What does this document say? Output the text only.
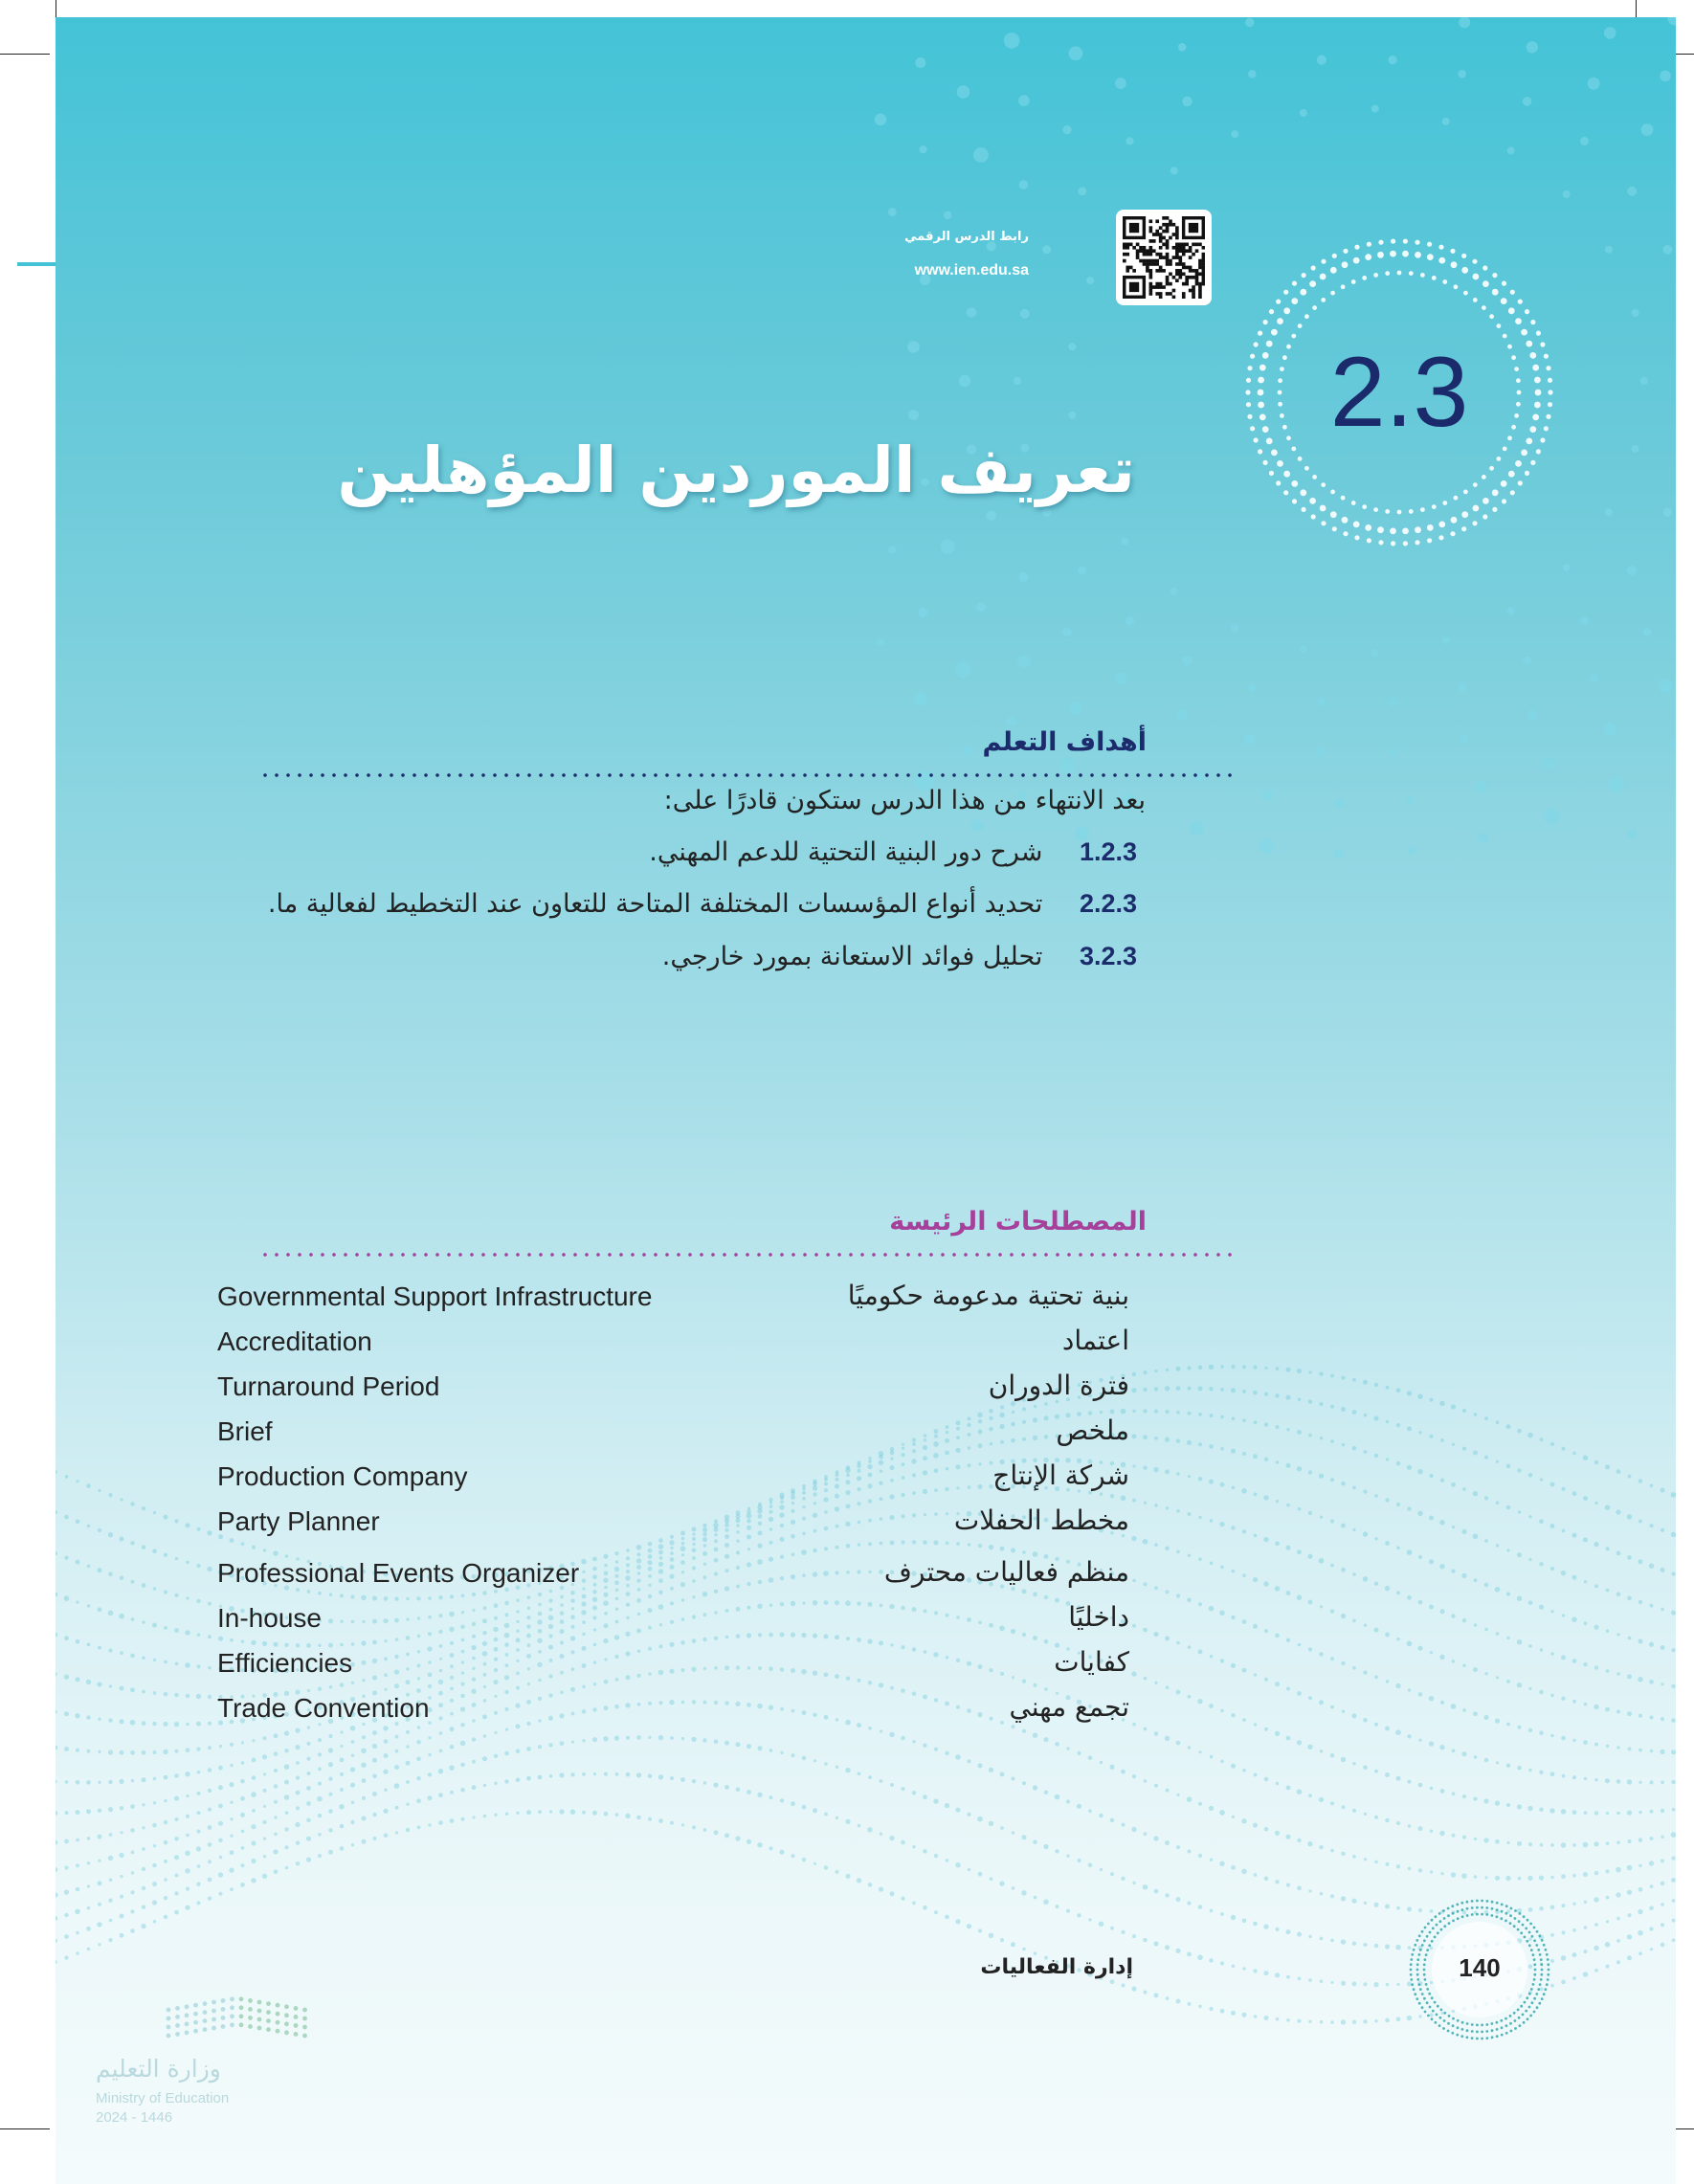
رابط الدرس الرقمي
www.ien.edu.sa
2.3
تعريف الموردين المؤهلين
أهداف التعلم
بعد الانتهاء من هذا الدرس ستكون قادرًا على:
1.2.3 شرح دور البنية التحتية للدعم المهني.
2.2.3 تحديد أنواع المؤسسات المختلفة المتاحة للتعاون عند التخطيط لفعالية ما.
3.2.3 تحليل فوائد الاستعانة بمورد خارجي.
المصطلحات الرئيسة
بنية تحتية مدعومة حكوميًا
Governmental Support Infrastructure
اعتماد
Accreditation
فترة الدوران
Turnaround Period
ملخص
Brief
شركة الإنتاج
Production Company
مخطط الحفلات
Party Planner
منظم فعاليات محترف
Professional Events Organizer
داخليًا
In-house
كفايات
Efficiencies
تجمع مهني
Trade Convention
إدارة الفعاليات	140
وزارة التعليم
Ministry of Education
2024 - 1446
